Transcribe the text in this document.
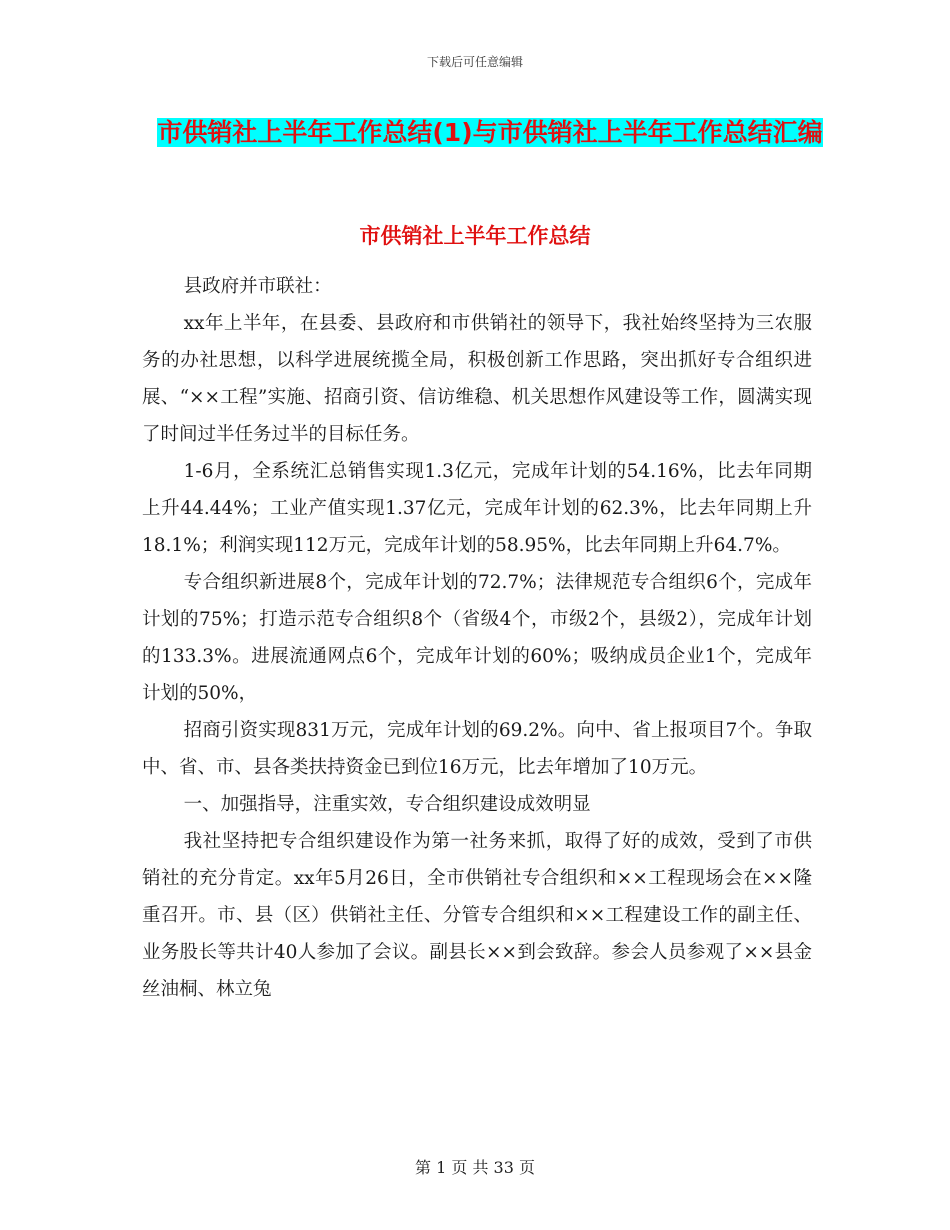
下载后可任意编辑
市供销社上半年工作总结(1)与市供销社上半年工作总结汇编
市供销社上半年工作总结

县政府并市联社：

xx年上半年，在县委、县政府和市供销社的领导下，我社始终坚持为三农服务的办社思想，以科学进展统揽全局，积极创新工作思路，突出抓好专合组织进展、“××工程”实施、招商引资、信访维稳、机关思想作风建设等工作，圆满实现了时间过半任务过半的目标任务。

1-6月，全系统汇总销售实现1.3亿元，完成年计划的54.16%，比去年同期上升44.44%；工业产值实现1.37亿元，完成年计划的62.3%，比去年同期上升18.1%；利润实现112万元，完成年计划的58.95%，比去年同期上升64.7%。

专合组织新进展8个，完成年计划的72.7%；法律规范专合组织6个，完成年计划的75%；打造示范专合组织8个（省级4个，市级2个，县级2），完成年计划的133.3%。进展流通网点6个，完成年计划的60%；吸纳成员企业1个，完成年计划的50%，

招商引资实现831万元，完成年计划的69.2%。向中、省上报项目7个。争取中、省、市、县各类扶持资金已到位16万元，比去年增加了10万元。

一、加强指导，注重实效，专合组织建设成效明显

我社坚持把专合组织建设作为第一社务来抓，取得了好的成效，受到了市供销社的充分肯定。xx年5月26日，全市供销社专合组织和××工程现场会在××隆重召开。市、县（区）供销社主任、分管专合组织和××工程建设工作的副主任、业务股长等共计40人参加了会议。副县长××到会致辞。参会人员参观了××县金丝油桐、林立兔

第 1 页 共 33 页
